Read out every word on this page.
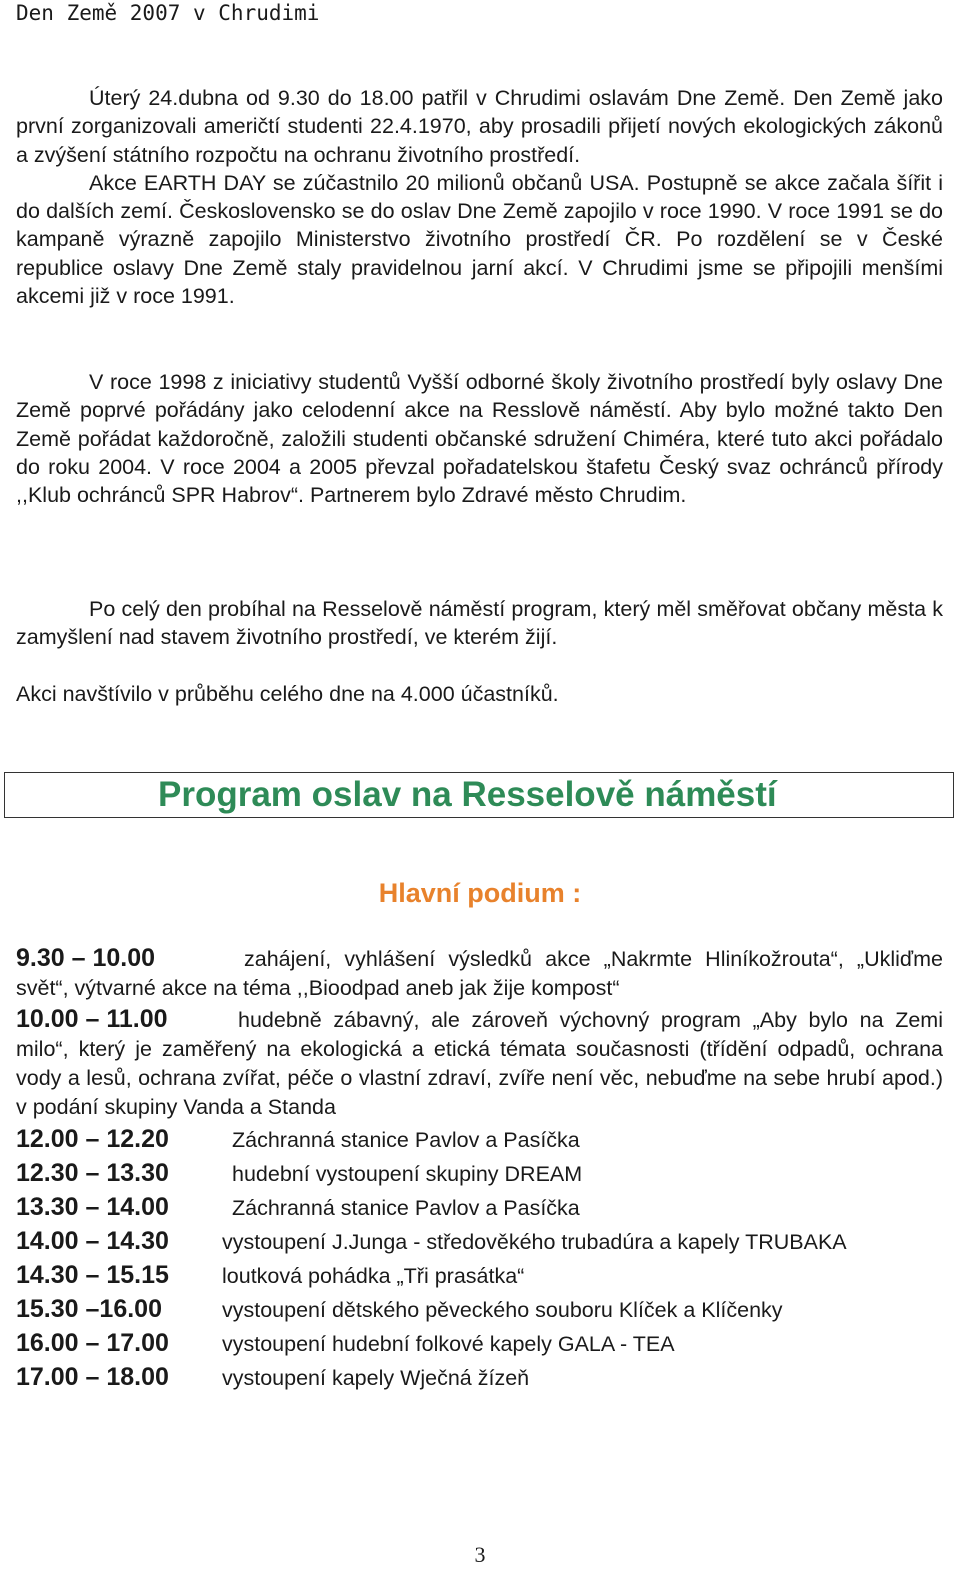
Den Země 2007 v Chrudimi

Úterý 24.dubna od 9.30 do 18.00 patřil v Chrudimi oslavám Dne Země. Den Země jako první zorganizovali američtí studenti 22.4.1970, aby prosadili přijetí nových ekologických zákonů a zvýšení státního rozpočtu na ochranu životního prostředí.

Akce EARTH DAY se zúčastnilo 20 milionů občanů USA. Postupně se akce začala šířit i do dalších zemí. Československo se do oslav Dne Země zapojilo v roce 1990. V roce 1991 se do kampaně výrazně zapojilo Ministerstvo životního prostředí ČR. Po rozdělení se v České republice oslavy Dne Země staly pravidelnou jarní akcí. V Chrudimi jsme se připojili menšími akcemi již v roce 1991.

V roce 1998 z iniciativy studentů Vyšší odborné školy životního prostředí byly oslavy Dne Země poprvé pořádány jako celodenní akce na Resslově náměstí. Aby bylo možné takto Den Země pořádat každoročně, založili studenti občanské sdružení Chiméra, které tuto akci pořádalo do roku 2004. V roce 2004 a 2005 převzal pořadatelskou štafetu Český svaz ochránců přírody ,,Klub ochránců SPR Habrov“. Partnerem bylo Zdravé město Chrudim.

Po celý den probíhal na Resselově náměstí program, který měl směřovat občany města k zamyšlení nad stavem životního prostředí, ve kterém žijí.

Akci navštívilo v průběhu celého dne na 4.000 účastníků.

Program oslav na Resselově náměstí
Hlavní podium :
9.30 – 10.00	zahájení, vyhlášení výsledků akce „Nakrmte Hliníkožrouta“, „Ukliďme svět“, výtvarné akce na téma ,,Bioodpad aneb jak žije kompost“
10.00 – 11.00	hudebně zábavný, ale zároveň výchovný program „Aby bylo na Zemi milo“, který je zaměřený na ekologická a etická témata současnosti (třídění odpadů, ochrana vody a lesů, ochrana zvířat, péče o vlastní zdraví, zvíře není věc, nebuďme na sebe hrubí apod.) v podání skupiny Vanda a Standa
12.00 – 12.20	Záchranná stanice Pavlov a Pasíčka
12.30 – 13.30	hudební vystoupení skupiny DREAM
13.30 – 14.00	Záchranná stanice Pavlov a Pasíčka
14.00 – 14.30 vystoupení J.Junga - středověkého trubadúra a kapely TRUBAKA
14.30 – 15.15 loutková pohádka „Tři prasátka“
15.30 –16.00	vystoupení dětského pěveckého souboru Klíček a Klíčenky
16.00 – 17.00 vystoupení hudební folkové kapely GALA - TEA
17.00 – 18.00 vystoupení kapely Wječná žízeň
3
